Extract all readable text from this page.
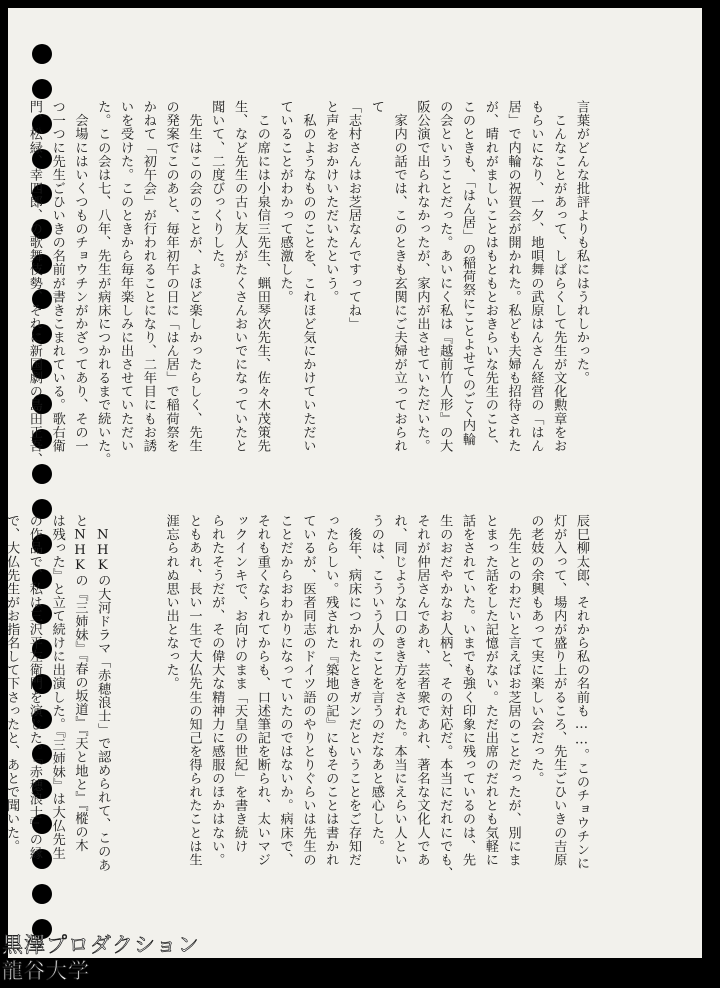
言葉がどんな批評よりも私にはうれしかった。

　こんなことがあって、しばらくして先生が文化勲章をお

もらいになり、一夕、地唄舞の武原はんさん経営の「はん

居」で内輪の祝賀会が開かれた。私ども夫婦も招待された

が、晴れがましいことはもともとおきらいな先生のこと、

このときも、「はん居」の稲荷祭にことよせてのごく内輪

の会ということだった。あいにく私は『越前竹人形』の大

阪公演で出られなかったが、家内が出させていただいた。

　家内の話では、このときも玄関にご夫婦が立っておられ

て

「志村さんはお芝居なんですってね」

と声をおかけいただいたという。

　私のようなもののことを、これほど気にかけていただい

ていることがわかって感激した。

　この席には小泉信三先生、蝋田琴次先生、佐々木茂策先

生、など先生の古い友人がたくさんおいでになっていたと

聞いて、二度びっくりした。

　先生はこの会のことが、よほど楽しかったらしく、先生

の発案でこのあと、毎年初午の日に「はん居」で稲荷祭を

かねて「初午会」が行われることになり、二年目にもお誘

いを受けた。このときから毎年楽しみに出させていただい

た。この会は七、八年、先生が病床につかれるまで続いた。

　会場にはいくつものチョウチンがかざってあり、その一

つ一つに先生ごひいきの名前が書きこまれている。歌右衛

門、松緑、幸四郎、の歌舞伎勢、それに新国劇の島田正吾、

辰巳柳太郎、それから私の名前も……。このチョウチンに

灯が入って、場内が盛り上がるころ、先生ごひいきの吉原

の老妓の余興もあって実に楽しい会だった。

　先生とのわだいと言えばお芝居のことだったが、別にま

とまった話をした記憶がない。ただ出席のだれとも気軽に

話をされていた。いまでも強く印象に残っているのは、先

生のおだやかなお人柄と、その対応だ。本当にだれにでも、

それが仲居さんであれ、芸者衆であれ、著名な文化人であ

れ、同じような口のきき方をされた。本当にえらい人とい

うのは、こういう人のことを言うのだなあと感心した。

　後年、病床につかれたときガンだということをご存知だ

ったらしい。残された『築地の記』にもそのことは書かれ

ているが、医者同志のドイツ語のやりとりぐらいは先生の

ことだからおわかりになっていたのではないか。病床で、

それも重くなられてからも、口述筆記を断られ、太いマジ

ックインキで、お向けのまま「天皇の世紀」を書き続け

られたそうだが、その偉大な精神力に感服のほかはない。

ともあれ、長い一生で大仏先生の知己を得られたことは生

涯忘られぬ思い出となった。

　NHKの大河ドラマ「赤穂浪士」で認められて、このあ

とNHKの『三姉妹』『春の坂道』『天と地と』『樅の木

は残った』と立て続けに出演した。『三姉妹』は大仏先生

の作品で、私は三沢平左衛門を演じた。『赤穂浪士』の縁

で、大仏先生がお指名して下さったと、あとで聞いた。

黒澤プロダクション
龍谷大学
